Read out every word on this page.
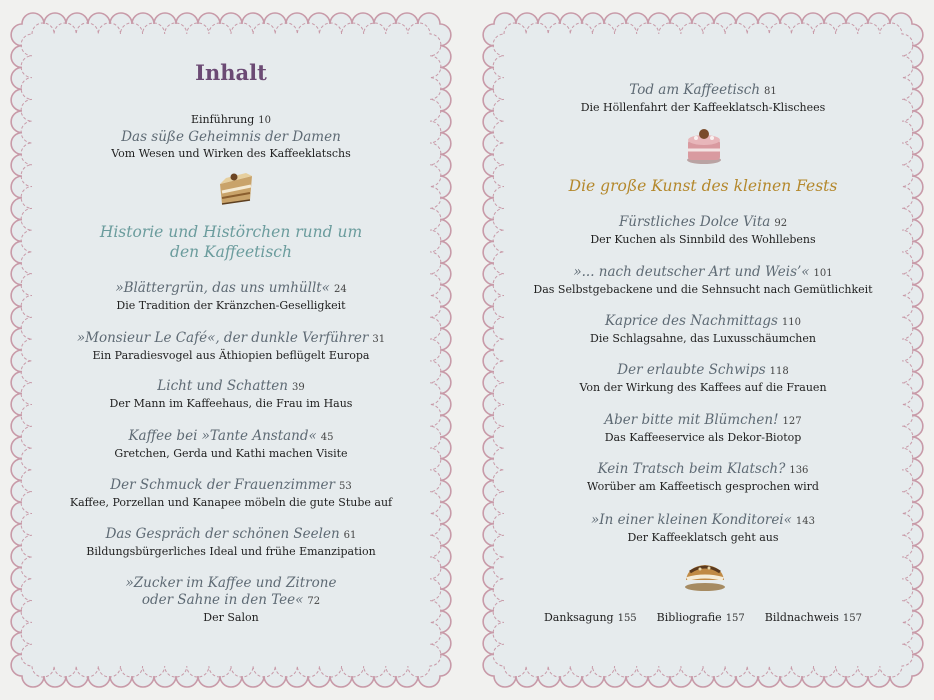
Inhalt
Einführung 10
Das süße Geheimnis der Damen
Vom Wesen und Wirken des Kaffeeklatschs
Historie und Histörchen rund um
den Kaffeetisch
»Blättergrün, das uns umhüllt« 24
Die Tradition der Kränzchen-Geselligkeit
»Monsieur Le Café«, der dunkle Verführer 31
Ein Paradiesvogel aus Äthiopien beflügelt Europa
Licht und Schatten 39
Der Mann im Kaffeehaus, die Frau im Haus
Kaffee bei »Tante Anstand« 45
Gretchen, Gerda und Kathi machen Visite
Der Schmuck der Frauenzimmer 53
Kaffee, Porzellan und Kanapee möbeln die gute Stube auf
Das Gespräch der schönen Seelen 61
Bildungsbürgerliches Ideal und frühe Emanzipation
»Zucker im Kaffee und Zitrone
oder Sahne in den Tee« 72
Der Salon
Tod am Kaffeetisch 81
Die Höllenfahrt der Kaffeeklatsch-Klischees
Die große Kunst des kleinen Fests
Fürstliches Dolce Vita 92
Der Kuchen als Sinnbild des Wohllebens
»... nach deutscher Art und Weis’« 101
Das Selbstgebackene und die Sehnsucht nach Gemütlichkeit
Kaprice des Nachmittags 110
Die Schlagsahne, das Luxusschäumchen
Der erlaubte Schwips 118
Von der Wirkung des Kaffees auf die Frauen
Aber bitte mit Blümchen! 127
Das Kaffeeservice als Dekor-Biotop
Kein Tratsch beim Klatsch? 136
Worüber am Kaffeetisch gesprochen wird
»In einer kleinen Konditorei« 143
Der Kaffeeklatsch geht aus
Danksagung 155 Bibliografie 157 Bildnachweis 157
